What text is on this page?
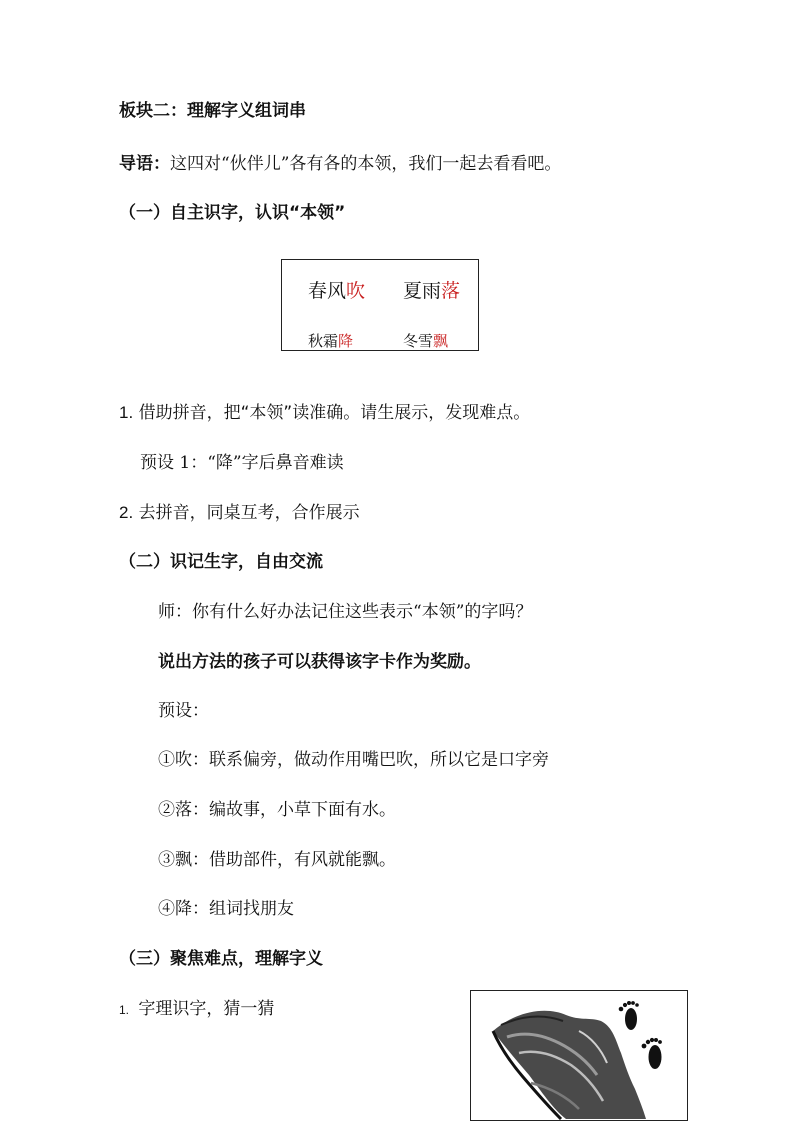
板块二：理解字义组词串
导语：这四对“伙伴儿”各有各的本领，我们一起去看看吧。
（一）自主识字，认识“本领”
春风吹 夏雨落
秋霜降	冬雪飘
1. 借助拼音，把“本领”读准确。请生展示，发现难点。
预设 1：“降”字后鼻音难读
2. 去拼音，同桌互考，合作展示
（二）识记生字，自由交流
师：你有什么好办法记住这些表示“本领”的字吗？
说出方法的孩子可以获得该字卡作为奖励。
预设：
①吹：联系偏旁，做动作用嘴巴吹，所以它是口字旁
②落：编故事，小草下面有水。
③飘：借助部件，有风就能飘。
④降：组词找朋友
（三）聚焦难点，理解字义
1. 字理识字，猜一猜
